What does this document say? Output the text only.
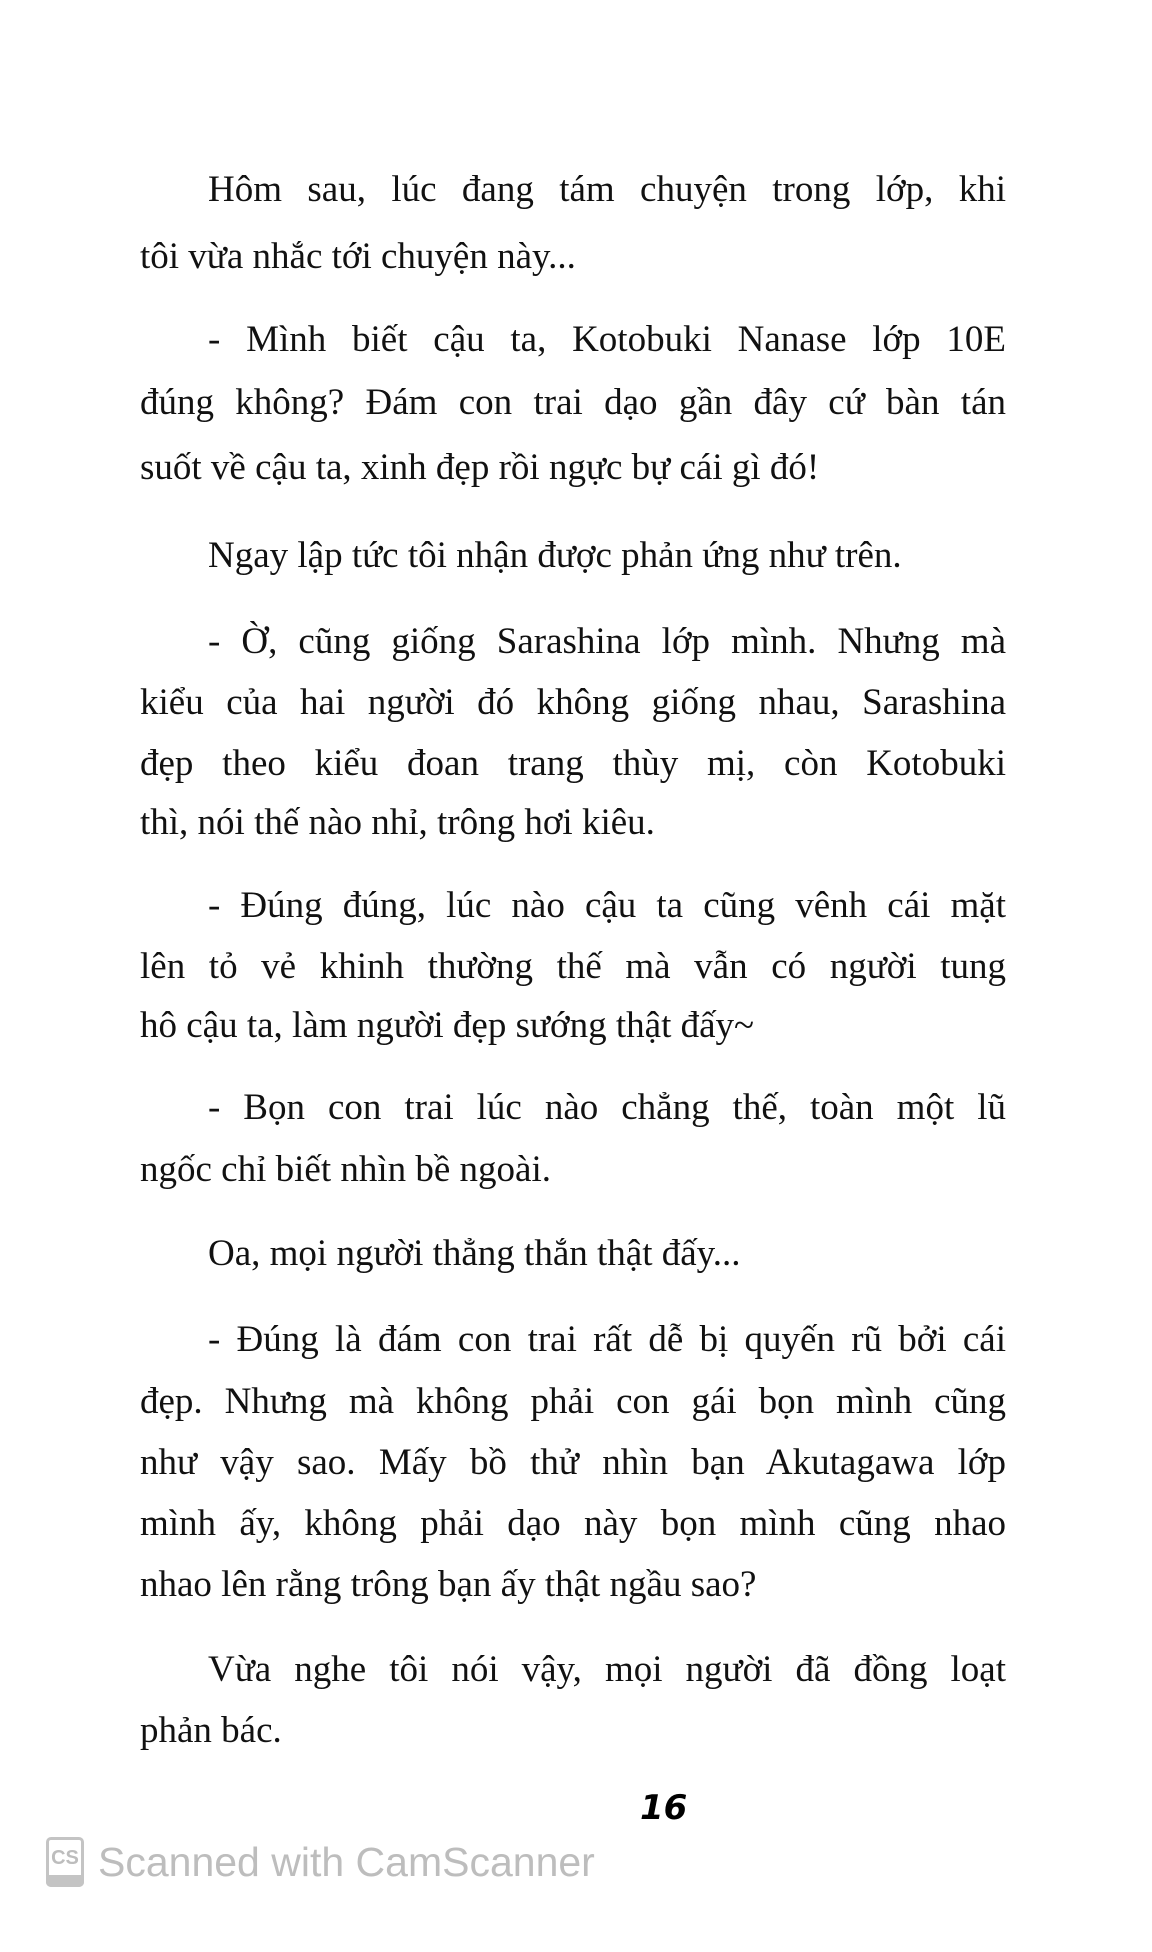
Hôm sau, lúc đang tám chuyện trong lớp, khi
tôi vừa nhắc tới chuyện này...
- Mình biết cậu ta, Kotobuki Nanase lớp 10E
đúng không? Đám con trai dạo gần đây cứ bàn tán
suốt về cậu ta, xinh đẹp rồi ngực bự cái gì đó!
Ngay lập tức tôi nhận được phản ứng như trên.
- Ờ, cũng giống Sarashina lớp mình. Nhưng mà
kiểu của hai người đó không giống nhau, Sarashina
đẹp theo kiểu đoan trang thùy mị, còn Kotobuki
thì, nói thế nào nhỉ, trông hơi kiêu.
- Đúng đúng, lúc nào cậu ta cũng vênh cái mặt
lên tỏ vẻ khinh thường thế mà vẫn có người tung
hô cậu ta, làm người đẹp sướng thật đấy~
- Bọn con trai lúc nào chẳng thế, toàn một lũ
ngốc chỉ biết nhìn bề ngoài.
Oa, mọi người thẳng thắn thật đấy...
- Đúng là đám con trai rất dễ bị quyến rũ bởi cái
đẹp. Nhưng mà không phải con gái bọn mình cũng
như vậy sao. Mấy bồ thử nhìn bạn Akutagawa lớp
mình ấy, không phải dạo này bọn mình cũng nhao
nhao lên rằng trông bạn ấy thật ngầu sao?
Vừa nghe tôi nói vậy, mọi người đã đồng loạt
phản bác.
16
CS Scanned with CamScanner
